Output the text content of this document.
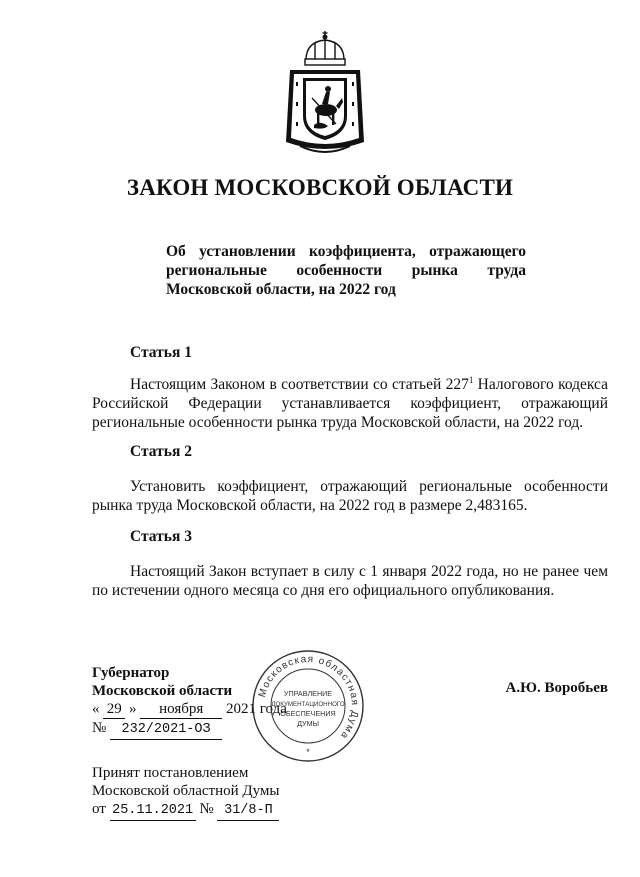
ЗАКОН МОСКОВСКОЙ ОБЛАСТИ
Об установлении коэффициента, отражающего региональные особенности рынка труда Московской области, на 2022 год
Статья 1
Настоящим Законом в соответствии со статьей $227^1$ Налогового кодекса Российской Федерации устанавливается коэффициент, отражающий региональные особенности рынка труда Московской области, на 2022 год.
Статья 2
Установить коэффициент, отражающий региональные особенности рынка труда Московской области, на 2022 год в размере 2,483165.
Статья 3
Настоящий Закон вступает в силу с 1 января 2022 года, но не ранее чем по истечении одного месяца со дня его официального опубликования.
Губернатор
Московской области
« 29 » ноября 2021 года
№ 232/2021-ОЗ
А.Ю. Воробьев
Московская областная Дума
УПРАВЛЕНИЕ
ДОКУМЕНТАЦИОННОГО
ОБЕСПЕЧЕНИЯ
ДУМЫ
*
Принят постановлением
Московской областной Думы
от 25.11.2021 № 31/8-П
